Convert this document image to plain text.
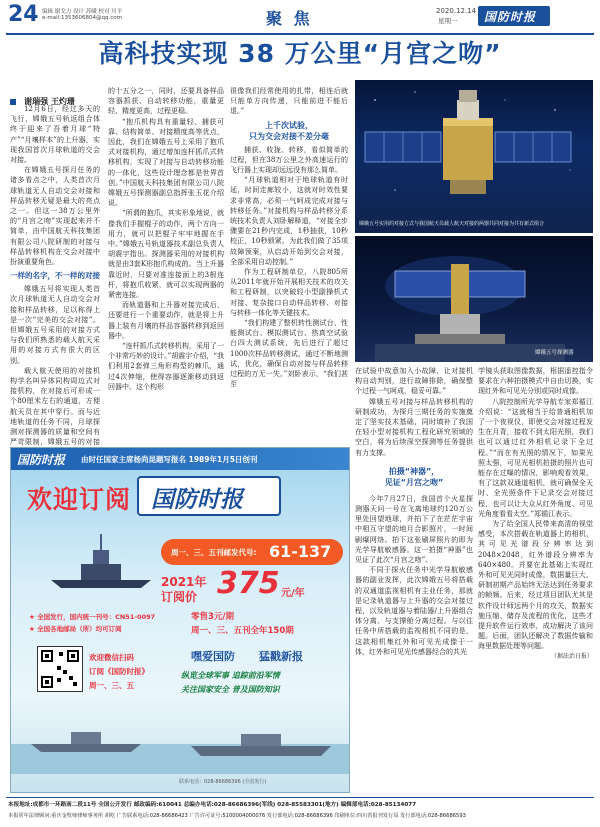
24 编辑 谢戈力 设计 苏曦 校对 川平
e-mail:1353606804@qq.com	聚 焦	2020.12.14
星期一 国防时报
高科技实现 38 万公里“月宫之吻”
谢瑞强 王灼珊

12月6日，经过多天的飞行，嫦娥五号轨返组合体终于迎来了吾着月球“特产”“月壤样本”的上升器，实现我国首次月球轨道的交会对接。

在嫦娥五号探月任务的诸多看点之中，人类首次月球轨道无人自动交会对接和样品转移无疑是最大的亮点之一。但这一38万公里外的“月宫之吻”实现起来并不简单，由中国航天科技集团有限公司八院研制的对接与样品转移机构在交会对接中扮演重要角色。

一样的名字，不一样的对接

嫦娥五号将实现人类首次月球轨道无人自动交会对接和样品转移，足以称得上是一次“完美的交会对接”。但嫦娥五号采用的对接方式与我们所熟悉的载人航天采用的对接方式有很大的区别。

载人航天使用的对接机构学名叫异体同构周边式对接机构，在对接后可形成一个80厘米左右的通道，方便航天员在其中穿行。而与近地轨道的任务不同，月球探测对探测器的质量和空间有严苛限制，嫦娥五号的对接

的十五分之一，同时，还要具备样品容器抓获、自动转移功能，重量更轻、精度更高，过程更稳。

“抱爪机构具有重量轻、捕获可靠、结构简单、对接精度高等优点，因此，我们在嫦娥五号上采用了抱爪式对接机构，通过增加连杆抓爪式转移机构，实现了对接与自动转移功能的一体化，这些设计理念都是世界首创。”中国航天科技集团有限公司八院嫦娥五号探测器副总指挥张玉花介绍说。

“所谓的抱爪，其实形象地说，就像我们手握棍子的动作，两个方向一用力，就可以把棍子牢牢地握在手中。”嫦娥五号轨道器技术副总负责人胡震宇指出。探测器采用的对接机构就是由3套K形抱爪构成的。当上升器靠近时，只要对准连接面上的3根连杆，将抱爪收紧，就可以实现两器的紧密连接。

而轨道器和上升器对接完成后，还要进行一个重要动作，就是将上升器上装有月壤的样品容器转移到返回器中。

“连杆抓爪式转移机构，采用了一个非常巧妙的设计。”胡震宇介绍，“我们利用2套弹三角形构型的棘爪，通过4次伸缩，使得容器逐渐移动到返回器中。这个构形

很像我们经常使用的扎带，相连后就只能单方向传递，只能前进不能后退。”

上千次试验，
只为交会对接不差分毫

捕获、收拢、转移，看似简单的过程，但在38万公里之外高速运行的飞行器上实现却远远没有那么简单。

“月球轨道相对于地球轨道有时延，时间走廊较小，这就对时效性要求非常高，必须一气呵成完成对接与转移任务。”对接机构与样品转移分系统技术负责人刘卧解释道，“对接全步骤要在21秒内完成，1秒抽获，10秒校正，10秒锁紧。为此我们做了35项故障预案，从启动开始到交会对接，全部采用自动控制。”

作为工程研制单位，八院805所从2011年就开始开展相关技术的攻关和工程研制，以突破轻小型副操机式对接、复杂接口自动样品转移、对接与转移一体化等关键技术。

“我们构建了整机转性测试台、性能测试台、模拟测试台、热真空试验台四大测试系统，先后进行了超过1000次样品转移测试，通过不断地测试，优化，确保自动对接与样品转移过程的万无一失。”刘卧表示，“我们甚至

嫦娥五号实用的对接方式与我国航天员载人航天对接的两器共同对接为共有新式组合
嫦娥五号探测器
国防时报 由时任国家主席杨尚昆题写报名 1989年1月5日创刊
欢迎订阅 国防时报
周一、三、五刊邮发代号: 61-137
2021年
订阅价 375 元/年
零售3元/期
周一、三、五刊全年150期
★ 全国发行，国内统一刊号：CN51-0097
★ 全国各地邮局（所）均可订阅
欢迎微信扫码
订阅《国防时报》
周一、三、五
嘿爱国防 猛戳新报
纵览全球军事 追踪前沿军情
关注国家安全 普及国防知识
联系电话：028-86686396 (全国发行)

在试验中故意加入小故障，让对接机构自动判别，进行故障排除，确保整个过程一气呵成，稳妥可靠。”

嫦娥五号对接与样品转移机构的研制成功，为探月三期任务的实施奠定了坚实技术基础，同时填补了我国在轻小型对接机构工程化研究领域的空白，将为后续深空探测等任务提供有力支撑。

拍摄“神器”，
见证“月宫之吻”

今年7月27日，我国首个火星探测器天问一号在飞离地球约120万公里处回望地球，并拍下了在茫茫宇宙中相互守望的地月合影照片，一时间刷爆网络。拍下这张刷屏照片的即为光学导航敏感器。这一拍摄“神器”也见证了此次“月宫之吻”。

不同于探火任务中光学导航敏感器的副业发挥，此次嫦娥五号将搭载的双通道监视相机有主业任务，那就是记录轨道器与上升器的交会对接过程，以及轨道器与着陆器/上升器组合体分离、与支撑舱分离过程。与以往任务中所搭载的监视相机不同的是，这款相机集红外和可见光成像于一体，红外和可见光传感器经合的共光

学镜头获取图像数据，根据遥控指令要求在六种拍摄模式中自由切换，实现红外和可见光分别或同时成像。

八院控制所光学导航专家郑循江介绍说：“这就相当于给普通相机加了一个夜视仪，即使交会对接过程发生在月背，接收不到太阳光照，我们也可以通过红外相机记录下全过程。”“而在有光照的情况下，如果光照太强，可见光相机拍摄的照片也可能存在过曝的情况，影响观看效果，有了这款双通道相机，就可确保全天时、全光照条件下记录交会对接过程，也可以让大众从红外角度、可见光角度看看太空。”郑循江表示。

为了给全国人民带来高清的视觉感受，本次搭载在轨道器上的相机，其可见光谱段分辨率达到2048×2048，红外谱段分辨率为640×480。并要在此基础上实现红外和可见光同时成像，数据量巨大，研制初期产品始终无法达到任务要求的帧频。后来，经过项目团队尤其是软件设计师远两个月的攻关，数据实施压缩、储存及流程的优化，这些才提升软件运行效率，成功解决了该问题。后面，团队还解决了数据传输和海里数据处理等问题。

（据法治日报）
本报地址:成都市一环路南二段11号 全国公开发行 邮政编码:610041 总编办电话:028-86686396(军线) 028-85583301(地方) 编辑部电话:028-85134077
本报常年法律顾问:重庆金牧师律师事务所 胡吃 广告联系电话:028-86686423 广告许可证号:5100004000076 发行部电话:028-86686396 印刷单位:四川省报刊发行局 发行部电话:028-86686593
